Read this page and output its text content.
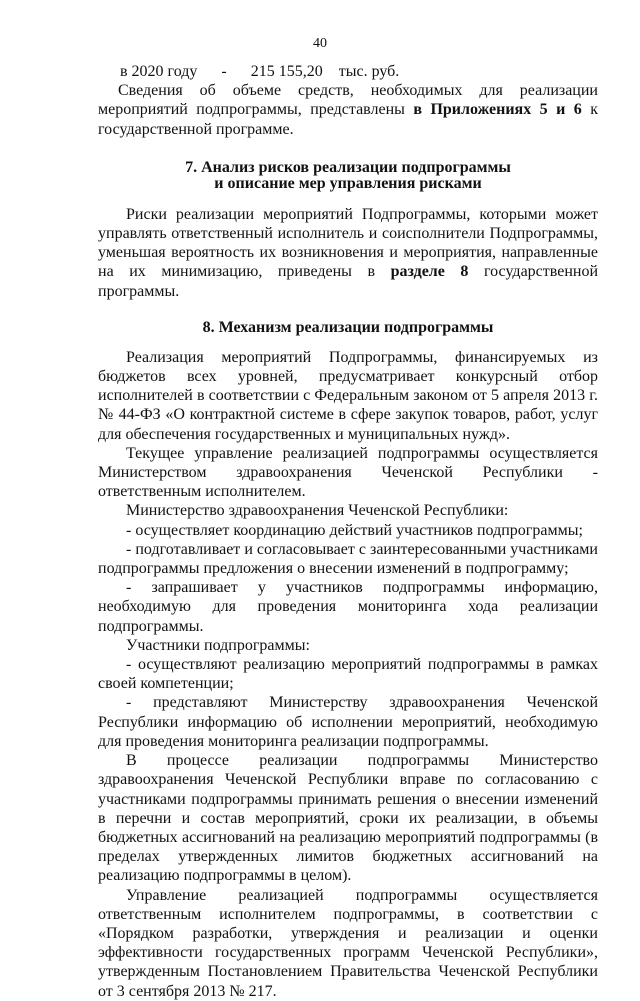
40
в 2020 году - 215 155,20 тыс. руб.

Сведения об объеме средств, необходимых для реализации мероприятий подпрограммы, представлены в Приложениях 5 и 6 к государственной программе.

7. Анализ рисков реализации подпрограммы
и описание мер управления рисками

Риски реализации мероприятий Подпрограммы, которыми может управлять ответственный исполнитель и соисполнители Подпрограммы, уменьшая вероятность их возникновения и мероприятия, направленные на их минимизацию, приведены в разделе 8 государственной программы.

8. Механизм реализации подпрограммы

Реализация мероприятий Подпрограммы, финансируемых из бюджетов всех уровней, предусматривает конкурсный отбор исполнителей в соответствии с Федеральным законом от 5 апреля 2013 г. № 44-ФЗ «О контрактной системе в сфере закупок товаров, работ, услуг для обеспечения государственных и муниципальных нужд».

Текущее управление реализацией подпрограммы осуществляется Министерством здравоохранения Чеченской Республики - ответственным исполнителем.

Министерство здравоохранения Чеченской Республики:

- осуществляет координацию действий участников подпрограммы;

- подготавливает и согласовывает с заинтересованными участниками подпрограммы предложения о внесении изменений в подпрограмму;

- запрашивает у участников подпрограммы информацию, необходимую для проведения мониторинга хода реализации подпрограммы.

Участники подпрограммы:

- осуществляют реализацию мероприятий подпрограммы в рамках своей компетенции;

- представляют Министерству здравоохранения Чеченской Республики информацию об исполнении мероприятий, необходимую для проведения мониторинга реализации подпрограммы.

В процессе реализации подпрограммы Министерство здравоохранения Чеченской Республики вправе по согласованию с участниками подпрограммы принимать решения о внесении изменений в перечни и состав мероприятий, сроки их реализации, в объемы бюджетных ассигнований на реализацию мероприятий подпрограммы (в пределах утвержденных лимитов бюджетных ассигнований на реализацию подпрограммы в целом).

Управление реализацией подпрограммы осуществляется ответственным исполнителем подпрограммы, в соответствии с «Порядком разработки, утверждения и реализации и оценки эффективности государственных программ Чеченской Республики», утвержденным Постановлением Правительства Чеченской Республики от 3 сентября 2013 № 217.
